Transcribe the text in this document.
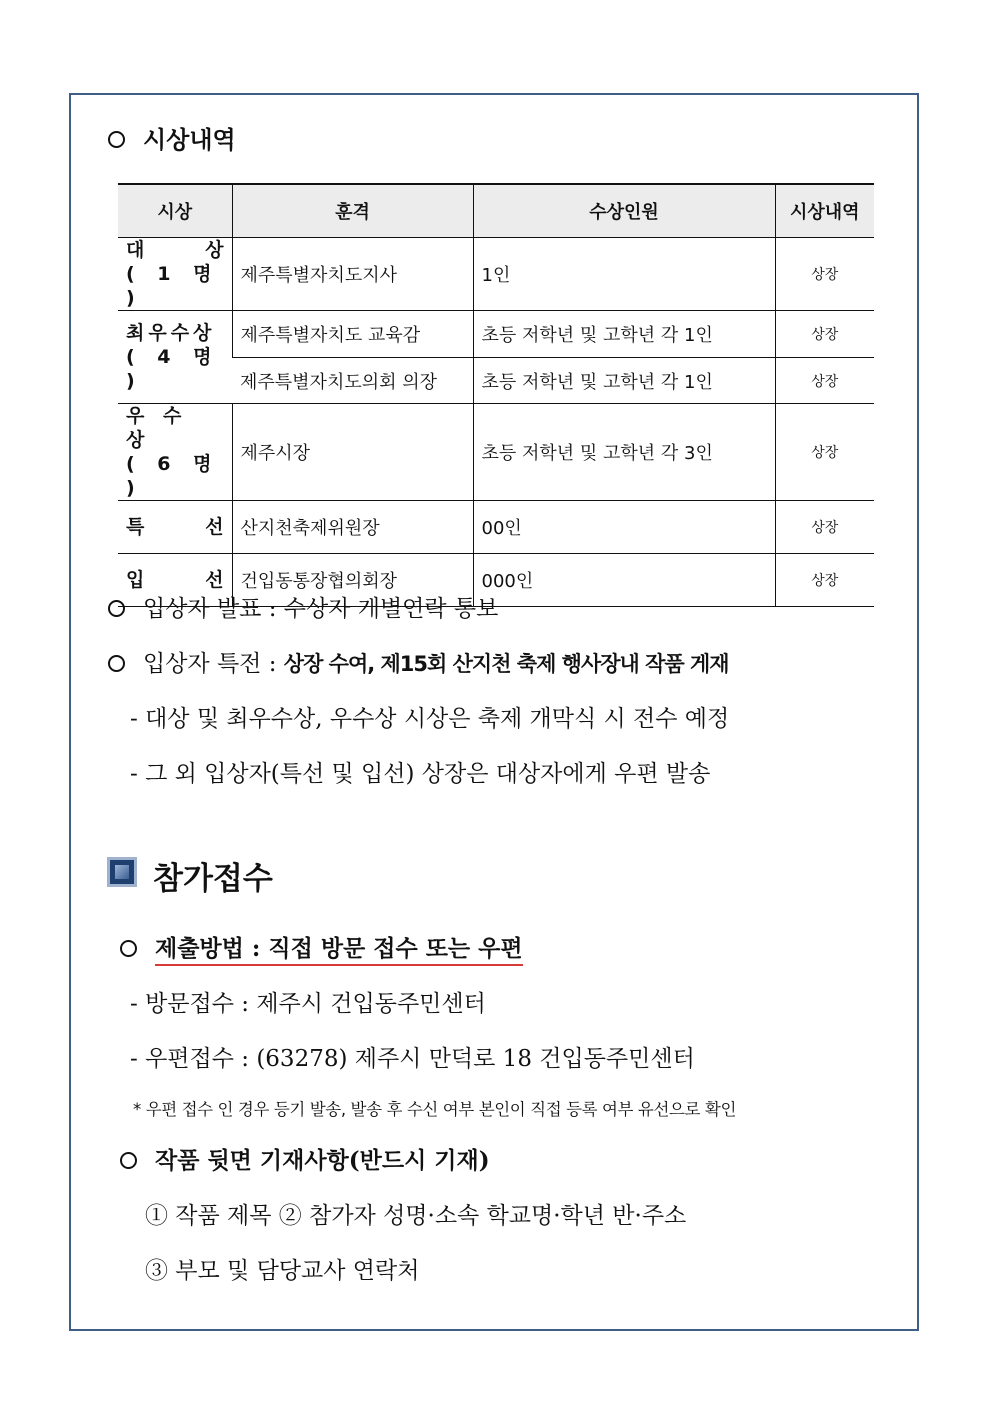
시상내역
시상	훈격	수상인원	시상내역

대 상
( 1 명 )	제주특별자치도지사	1인	상장

최우수상
( 4 명 )	제주특별자치도 교육감	초등 저학년 및 고학년 각 1인	상장
	제주특별자치도의회 의장	초등 저학년 및 고학년 각 1인	상장

우 수 상
( 6 명 )	제주시장	초등 저학년 및 고학년 각 3인	상장

특 선	산지천축제위원장	00인	상장

입 선	건입동통장협의회장	000인	상장
입상자 발표 : 수상자 개별연락 통보
입상자 특전 : 상장 수여, 제15회 산지천 축제 행사장내 작품 게재
- 대상 및 최우수상, 우수상 시상은 축제 개막식 시 전수 예정
- 그 외 입상자(특선 및 입선) 상장은 대상자에게 우편 발송
참가접수
제출방법 : 직접 방문 접수 또는 우편
- 방문접수 : 제주시 건입동주민센터
- 우편접수 : (63278) 제주시 만덕로 18 건입동주민센터
* 우편 접수 인 경우 등기 발송, 발송 후 수신 여부 본인이 직접 등록 여부 유선으로 확인
작품 뒷면 기재사항(반드시 기재)
① 작품 제목 ② 참가자 성명·소속 학교명·학년 반·주소
③ 부모 및 담당교사 연락처
